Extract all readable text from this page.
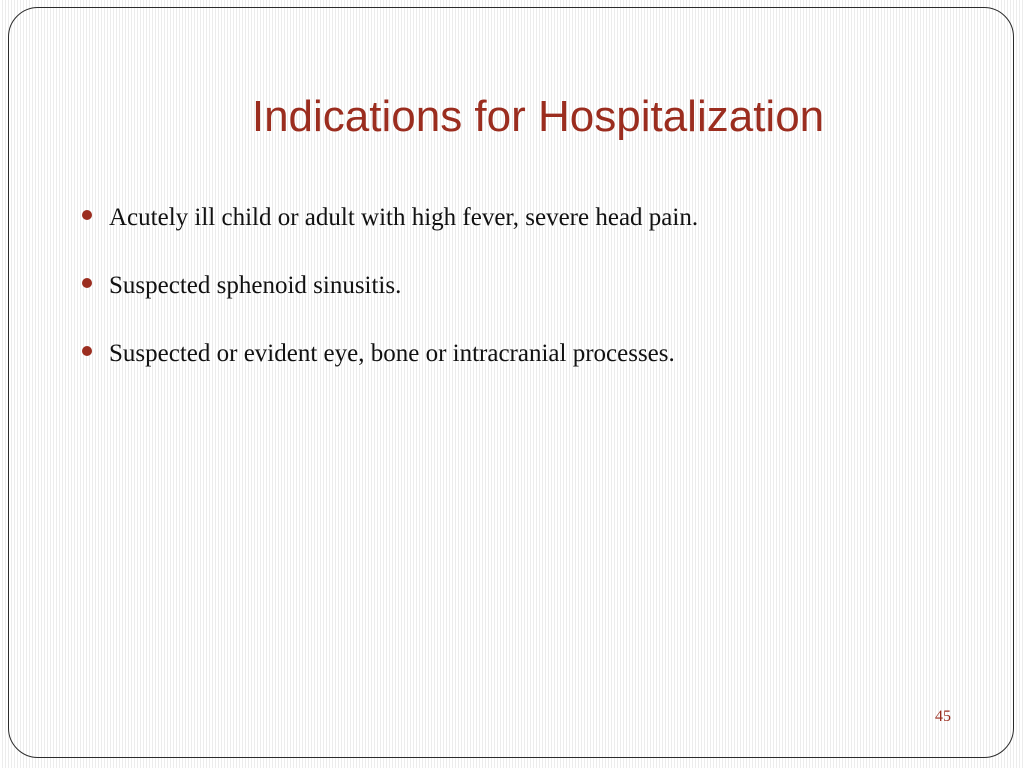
Indications for Hospitalization
Acutely ill child or adult with high fever, severe head pain.
Suspected sphenoid sinusitis.
Suspected or evident eye, bone or intracranial processes.
45
